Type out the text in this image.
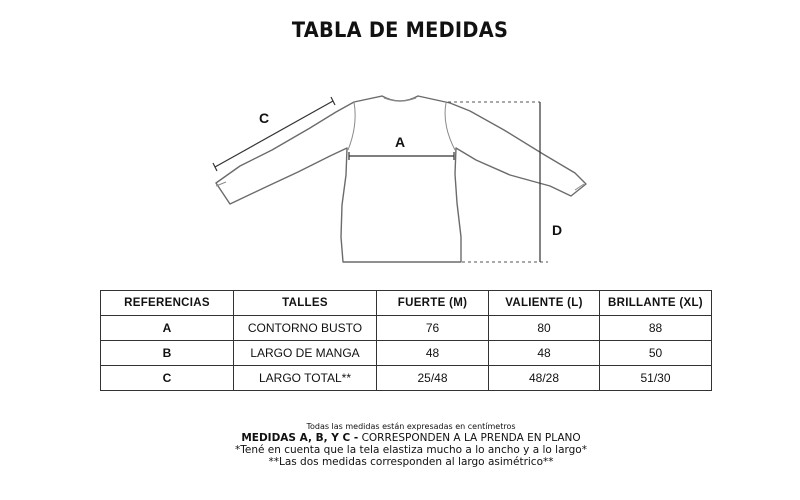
TABLA DE MEDIDAS
A
C
D
REFERENCIAS	TALLES	FUERTE (M)	VALIENTE (L)	BRILLANTE (XL)
A	CONTORNO BUSTO	76	80	88
B	LARGO DE MANGA	48	48	50
C	LARGO TOTAL**	25/48	48/28	51/30
Todas las medidas están expresadas en centímetros
MEDIDAS A, B, Y C - CORRESPONDEN A LA PRENDA EN PLANO
*Tené en cuenta que la tela elastiza mucho a lo ancho y a lo largo*
**Las dos medidas corresponden al largo asimétrico**
